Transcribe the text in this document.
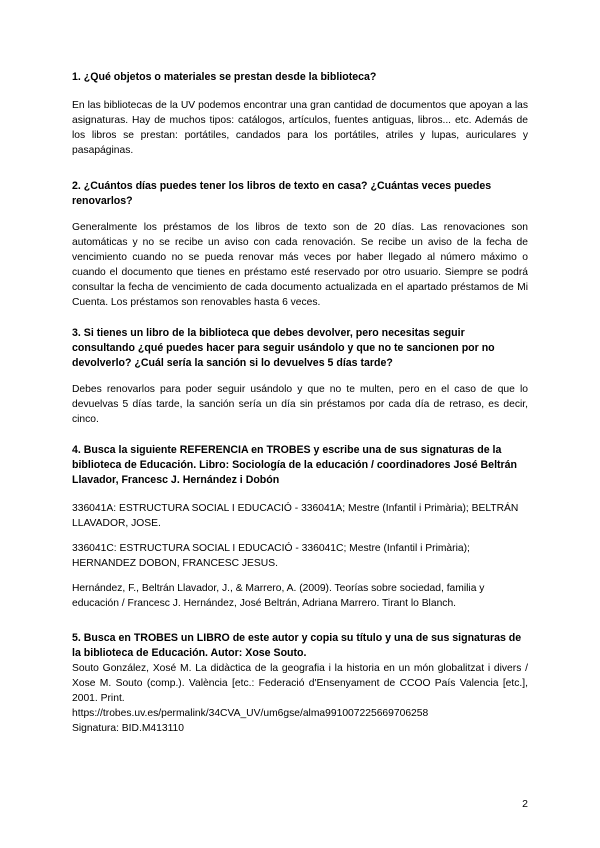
1. ¿Qué objetos o materiales se prestan desde la biblioteca?

En las bibliotecas de la UV podemos encontrar una gran cantidad de documentos que apoyan a las asignaturas. Hay de muchos tipos: catálogos, artículos, fuentes antiguas, libros... etc. Además de los libros se prestan: portátiles, candados para los portátiles, atriles y lupas, auriculares y pasapáginas.

2. ¿Cuántos días puedes tener los libros de texto en casa? ¿Cuántas veces puedes renovarlos?

Generalmente los préstamos de los libros de texto son de 20 días. Las renovaciones son automáticas y no se recibe un aviso con cada renovación. Se recibe un aviso de la fecha de vencimiento cuando no se pueda renovar más veces por haber llegado al número máximo o cuando el documento que tienes en préstamo esté reservado por otro usuario. Siempre se podrá consultar la fecha de vencimiento de cada documento actualizada en el apartado préstamos de Mi Cuenta. Los préstamos son renovables hasta 6 veces.

3. Si tienes un libro de la biblioteca que debes devolver, pero necesitas seguir consultando ¿qué puedes hacer para seguir usándolo y que no te sancionen por no devolverlo? ¿Cuál sería la sanción si lo devuelves 5 días tarde?

Debes renovarlos para poder seguir usándolo y que no te multen, pero en el caso de que lo devuelvas 5 días tarde, la sanción sería un día sin préstamos por cada día de retraso, es decir, cinco.

4. Busca la siguiente REFERENCIA en TROBES y escribe una de sus signaturas de la biblioteca de Educación. Libro: Sociología de la educación / coordinadores José Beltrán Llavador, Francesc J. Hernández i Dobón

336041A: ESTRUCTURA SOCIAL I EDUCACIÓ - 336041A; Mestre (Infantil i Primària); BELTRÁN LLAVADOR, JOSE.

336041C: ESTRUCTURA SOCIAL I EDUCACIÓ - 336041C; Mestre (Infantil i Primària); HERNANDEZ DOBON, FRANCESC JESUS.

Hernández, F., Beltrán Llavador, J., & Marrero, A. (2009). Teorías sobre sociedad, familia y educación / Francesc J. Hernández, José Beltrán, Adriana Marrero. Tirant lo Blanch.

5. Busca en TROBES un LIBRO de este autor y copia su título y una de sus signaturas de la biblioteca de Educación. Autor: Xose Souto.

Souto González, Xosé M. La didàctica de la geografia i la historia en un món globalitzat i divers / Xose M. Souto (comp.). València [etc.: Federació d'Ensenyament de CCOO País Valencia [etc.], 2001. Print.

https://trobes.uv.es/permalink/34CVA_UV/um6gse/alma991007225669706258

Signatura: BID.M413110

2
